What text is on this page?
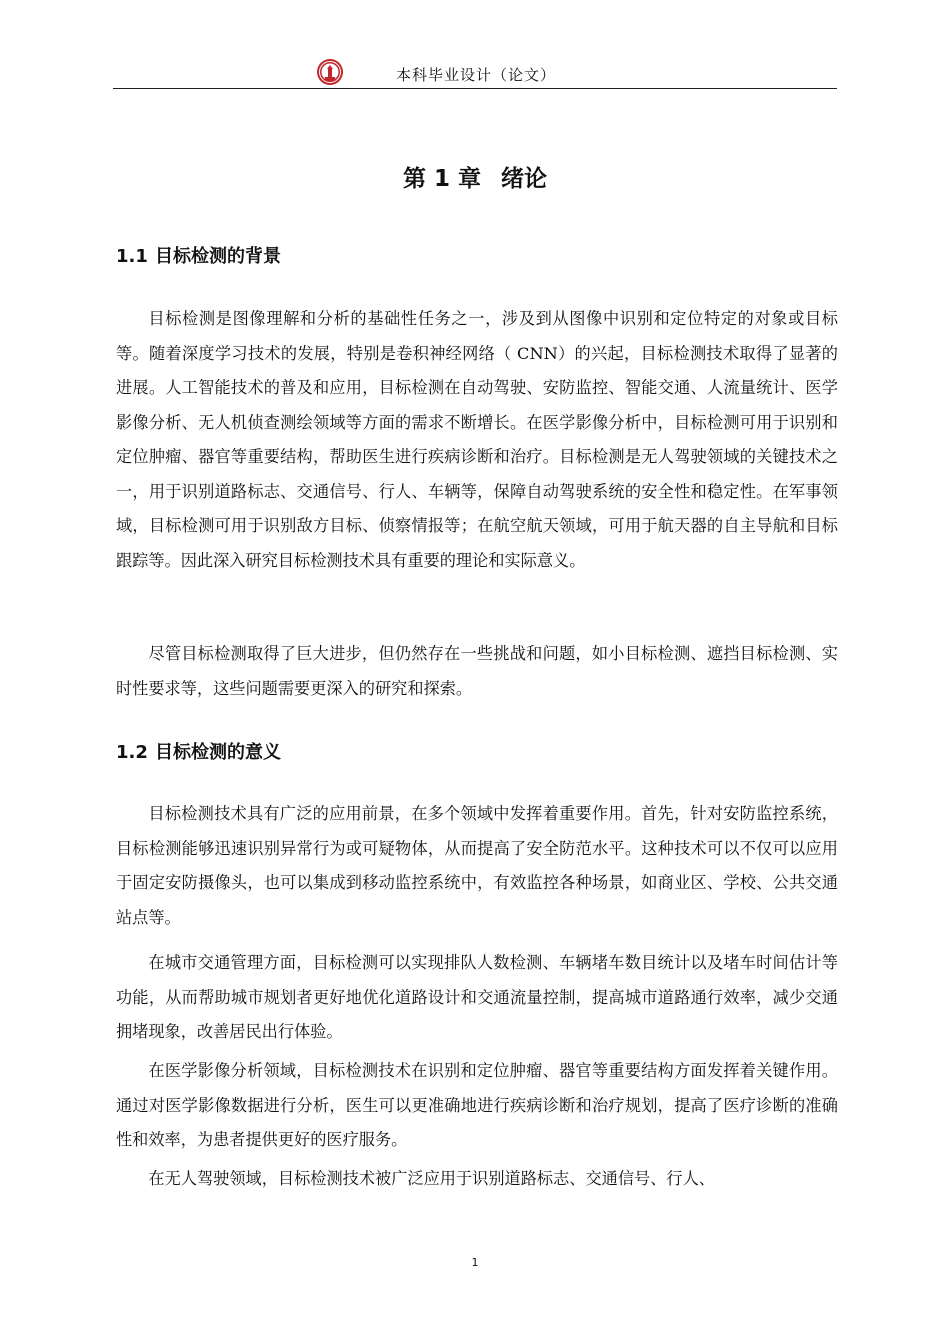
本科毕业设计（论文）
第 1 章 绪论
1.1 目标检测的背景

目标检测是图像理解和分析的基础性任务之一，涉及到从图像中识别和定位特定的对象或目标等。随着深度学习技术的发展，特别是卷积神经网络（ CNN）的兴起，目标检测技术取得了显著的进展。人工智能技术的普及和应用，目标检测在自动驾驶、安防监控、智能交通、人流量统计、医学影像分析、无人机侦查测绘领域等方面的需求不断增长。在医学影像分析中，目标检测可用于识别和定位肿瘤、器官等重要结构，帮助医生进行疾病诊断和治疗。目标检测是无人驾驶领域的关键技术之一，用于识别道路标志、交通信号、行人、车辆等，保障自动驾驶系统的安全性和稳定性。在军事领域，目标检测可用于识别敌方目标、侦察情报等；在航空航天领域，可用于航天器的自主导航和目标跟踪等。因此深入研究目标检测技术具有重要的理论和实际意义。

尽管目标检测取得了巨大进步，但仍然存在一些挑战和问题，如小目标检测、遮挡目标检测、实时性要求等，这些问题需要更深入的研究和探索。

1.2 目标检测的意义

目标检测技术具有广泛的应用前景，在多个领域中发挥着重要作用。首先，针对安防监控系统，目标检测能够迅速识别异常行为或可疑物体，从而提高了安全防范水平。这种技术可以不仅可以应用于固定安防摄像头，也可以集成到移动监控系统中，有效监控各种场景，如商业区、学校、公共交通站点等。

在城市交通管理方面，目标检测可以实现排队人数检测、车辆堵车数目统计以及堵车时间估计等功能，从而帮助城市规划者更好地优化道路设计和交通流量控制，提高城市道路通行效率，减少交通拥堵现象，改善居民出行体验。

在医学影像分析领域，目标检测技术在识别和定位肿瘤、器官等重要结构方面发挥着关键作用。通过对医学影像数据进行分析，医生可以更准确地进行疾病诊断和治疗规划，提高了医疗诊断的准确性和效率，为患者提供更好的医疗服务。

在无人驾驶领域，目标检测技术被广泛应用于识别道路标志、交通信号、行人、

1
